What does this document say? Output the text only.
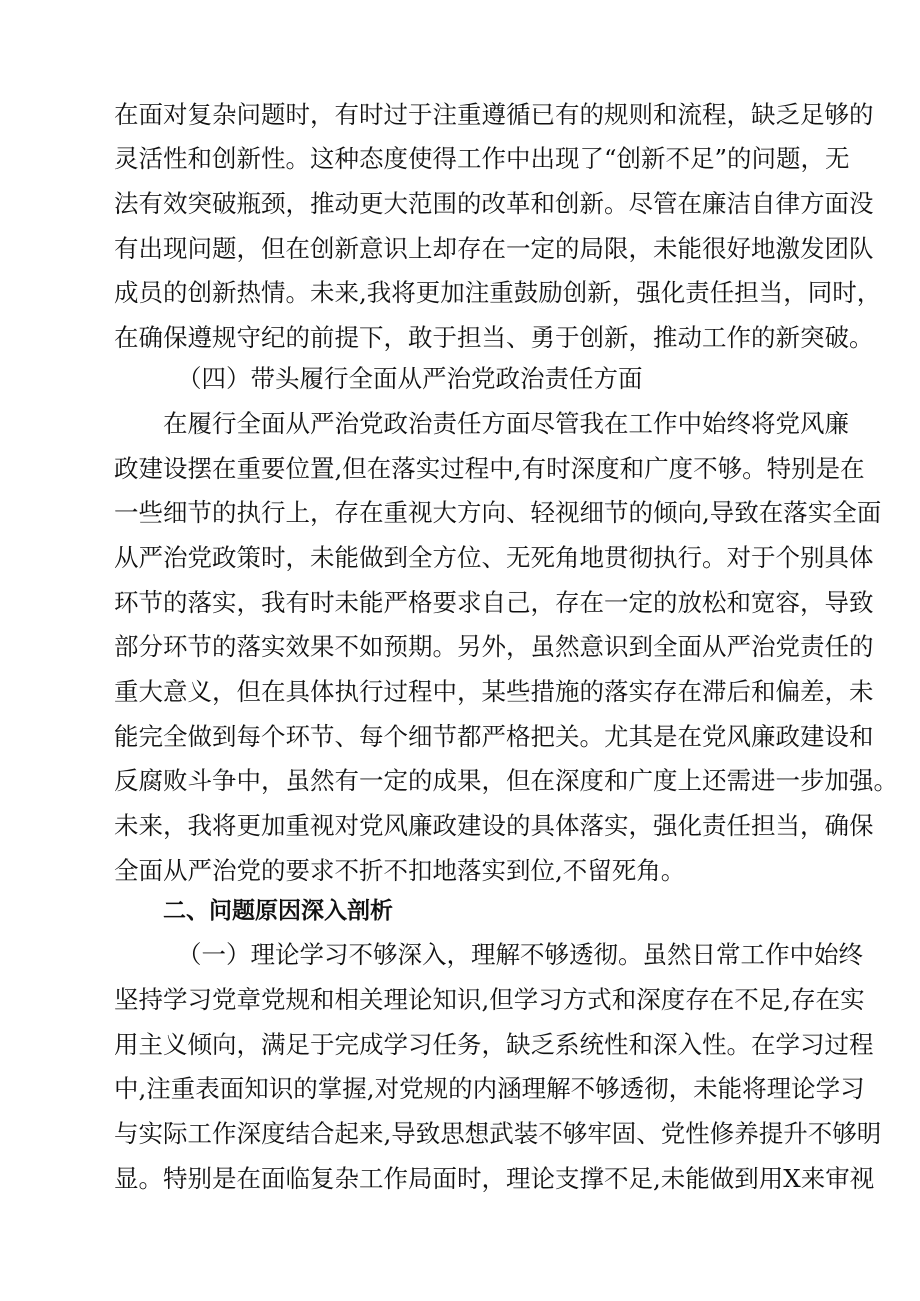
在面对复杂问题时，有时过于注重遵循已有的规则和流程，缺乏足够的
灵活性和创新性。这种态度使得工作中出现了“创新不足”的问题，无
法有效突破瓶颈，推动更大范围的改革和创新。尽管在廉洁自律方面没
有出现问题，但在创新意识上却存在一定的局限，未能很好地激发团队
成员的创新热情。未来,我将更加注重鼓励创新，强化责任担当，同时，
在确保遵规守纪的前提下，敢于担当、勇于创新，推动工作的新突破。
（四）带头履行全面从严治党政治责任方面
在履行全面从严治党政治责任方面尽管我在工作中始终将党风廉
政建设摆在重要位置,但在落实过程中,有时深度和广度不够。特别是在
一些细节的执行上，存在重视大方向、轻视细节的倾向,导致在落实全面
从严治党政策时，未能做到全方位、无死角地贯彻执行。对于个别具体
环节的落实，我有时未能严格要求自己，存在一定的放松和宽容，导致
部分环节的落实效果不如预期。另外，虽然意识到全面从严治党责任的
重大意义，但在具体执行过程中，某些措施的落实存在滞后和偏差，未
能完全做到每个环节、每个细节都严格把关。尤其是在党风廉政建设和
反腐败斗争中，虽然有一定的成果，但在深度和广度上还需进一步加强。
未来，我将更加重视对党风廉政建设的具体落实，强化责任担当，确保
全面从严治党的要求不折不扣地落实到位,不留死角。
二、问题原因深入剖析
（一）理论学习不够深入，理解不够透彻。虽然日常工作中始终
坚持学习党章党规和相关理论知识,但学习方式和深度存在不足,存在实
用主义倾向，满足于完成学习任务，缺乏系统性和深入性。在学习过程
中,注重表面知识的掌握,对党规的内涵理解不够透彻，未能将理论学习
与实际工作深度结合起来,导致思想武装不够牢固、党性修养提升不够明
显。特别是在面临复杂工作局面时，理论支撑不足,未能做到用X来审视
